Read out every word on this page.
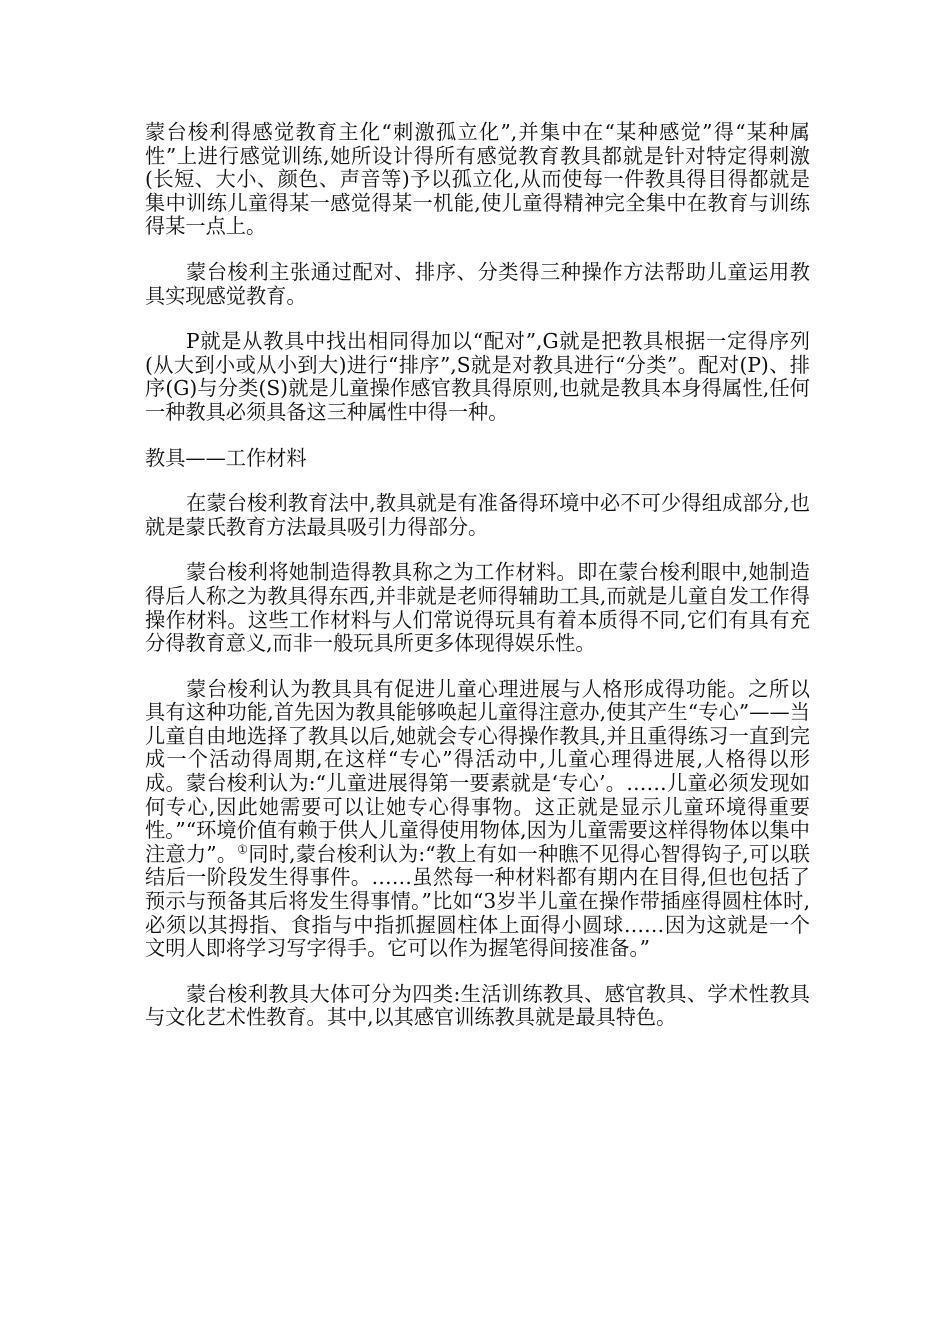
蒙台梭利得感觉教育主化“刺激孤立化”,并集中在“某种感觉”得“某种属性”上进行感觉训练,她所设计得所有感觉教育教具都就是针对特定得刺激(长短、大小、颜色、声音等)予以孤立化,从而使每一件教具得目得都就是集中训练儿童得某一感觉得某一机能,使儿童得精神完全集中在教育与训练得某一点上。

蒙台梭利主张通过配对、排序、分类得三种操作方法帮助儿童运用教具实现感觉教育。

P就是从教具中找出相同得加以“配对”,G就是把教具根据一定得序列(从大到小或从小到大)进行“排序”,S就是对教具进行“分类”。配对(P)、排序(G)与分类(S)就是儿童操作感官教具得原则,也就是教具本身得属性,任何一种教具必须具备这三种属性中得一种。

教具——工作材料

在蒙台梭利教育法中,教具就是有准备得环境中必不可少得组成部分,也就是蒙氏教育方法最具吸引力得部分。

蒙台梭利将她制造得教具称之为工作材料。即在蒙台梭利眼中,她制造得后人称之为教具得东西,并非就是老师得辅助工具,而就是儿童自发工作得操作材料。这些工作材料与人们常说得玩具有着本质得不同,它们有具有充分得教育意义,而非一般玩具所更多体现得娱乐性。

蒙台梭利认为教具具有促进儿童心理进展与人格形成得功能。之所以具有这种功能,首先因为教具能够唤起儿童得注意办,使其产生“专心”——当儿童自由地选择了教具以后,她就会专心得操作教具,并且重得练习一直到完成一个活动得周期,在这样“专心”得活动中,儿童心理得进展,人格得以形成。蒙台梭利认为:“儿童进展得第一要素就是‘专心’。……儿童必须发现如何专心,因此她需要可以让她专心得事物。这正就是显示儿童环境得重要性。”“环境价值有赖于供人儿童得使用物体,因为儿童需要这样得物体以集中注意力”。①同时,蒙台梭利认为:“教上有如一种瞧不见得心智得钩子,可以联结后一阶段发生得事件。……虽然每一种材料都有期内在目得,但也包括了预示与预备其后将发生得事情。”比如“3岁半儿童在操作带插座得圆柱体时,必须以其拇指、食指与中指抓握圆柱体上面得小圆球……因为这就是一个文明人即将学习写字得手。它可以作为握笔得间接准备。”

蒙台梭利教具大体可分为四类:生活训练教具、感官教具、学术性教具与文化艺术性教育。其中,以其感官训练教具就是最具特色。
